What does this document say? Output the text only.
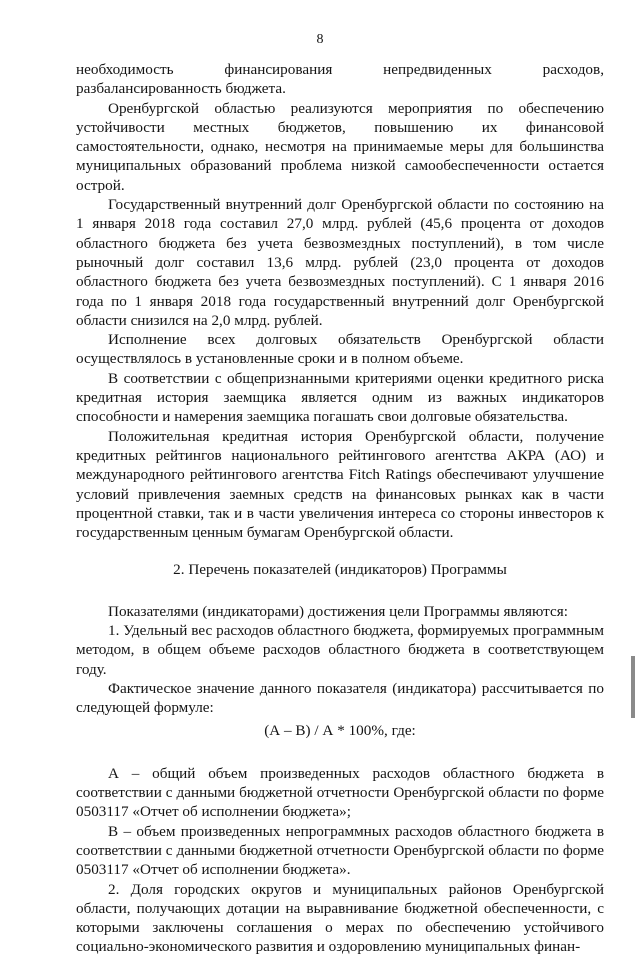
8

необходимость финансирования непредвиденных расходов, разбалансированность бюджета.

Оренбургской областью реализуются мероприятия по обеспечению устойчивости местных бюджетов, повышению их финансовой самостоятельности, однако, несмотря на принимаемые меры для большинства муниципальных образований проблема низкой самообеспеченности остается острой.

Государственный внутренний долг Оренбургской области по состоянию на 1 января 2018 года составил 27,0 млрд. рублей (45,6 процента от доходов областного бюджета без учета безвозмездных поступлений), в том числе рыночный долг составил 13,6 млрд. рублей (23,0 процента от доходов областного бюджета без учета безвозмездных поступлений). С 1 января 2016 года по 1 января 2018 года государственный внутренний долг Оренбургской области снизился на 2,0 млрд. рублей.

Исполнение всех долговых обязательств Оренбургской области осуществлялось в установленные сроки и в полном объеме.

В соответствии с общепризнанными критериями оценки кредитного риска кредитная история заемщика является одним из важных индикаторов способности и намерения заемщика погашать свои долговые обязательства.

Положительная кредитная история Оренбургской области, получение кредитных рейтингов национального рейтингового агентства АКРА (АО) и международного рейтингового агентства Fitch Ratings обеспечивают улучшение условий привлечения заемных средств на финансовых рынках как в части процентной ставки, так и в части увеличения интереса со стороны инвесторов к государственным ценным бумагам Оренбургской области.

2. Перечень показателей (индикаторов) Программы

Показателями (индикаторами) достижения цели Программы являются:

1. Удельный вес расходов областного бюджета, формируемых программным методом, в общем объеме расходов областного бюджета в соответствующем году.

Фактическое значение данного показателя (индикатора) рассчитывается по следующей формуле:

(А – В) / А * 100%, где:

А – общий объем произведенных расходов областного бюджета в соответствии с данными бюджетной отчетности Оренбургской области по форме 0503117 «Отчет об исполнении бюджета»;

В – объем произведенных непрограммных расходов областного бюджета в соответствии с данными бюджетной отчетности Оренбургской области по форме 0503117 «Отчет об исполнении бюджета».

2. Доля городских округов и муниципальных районов Оренбургской области, получающих дотации на выравнивание бюджетной обеспеченности, с которыми заключены соглашения о мерах по обеспечению устойчивого социально-экономического развития и оздоровлению муниципальных финан-
